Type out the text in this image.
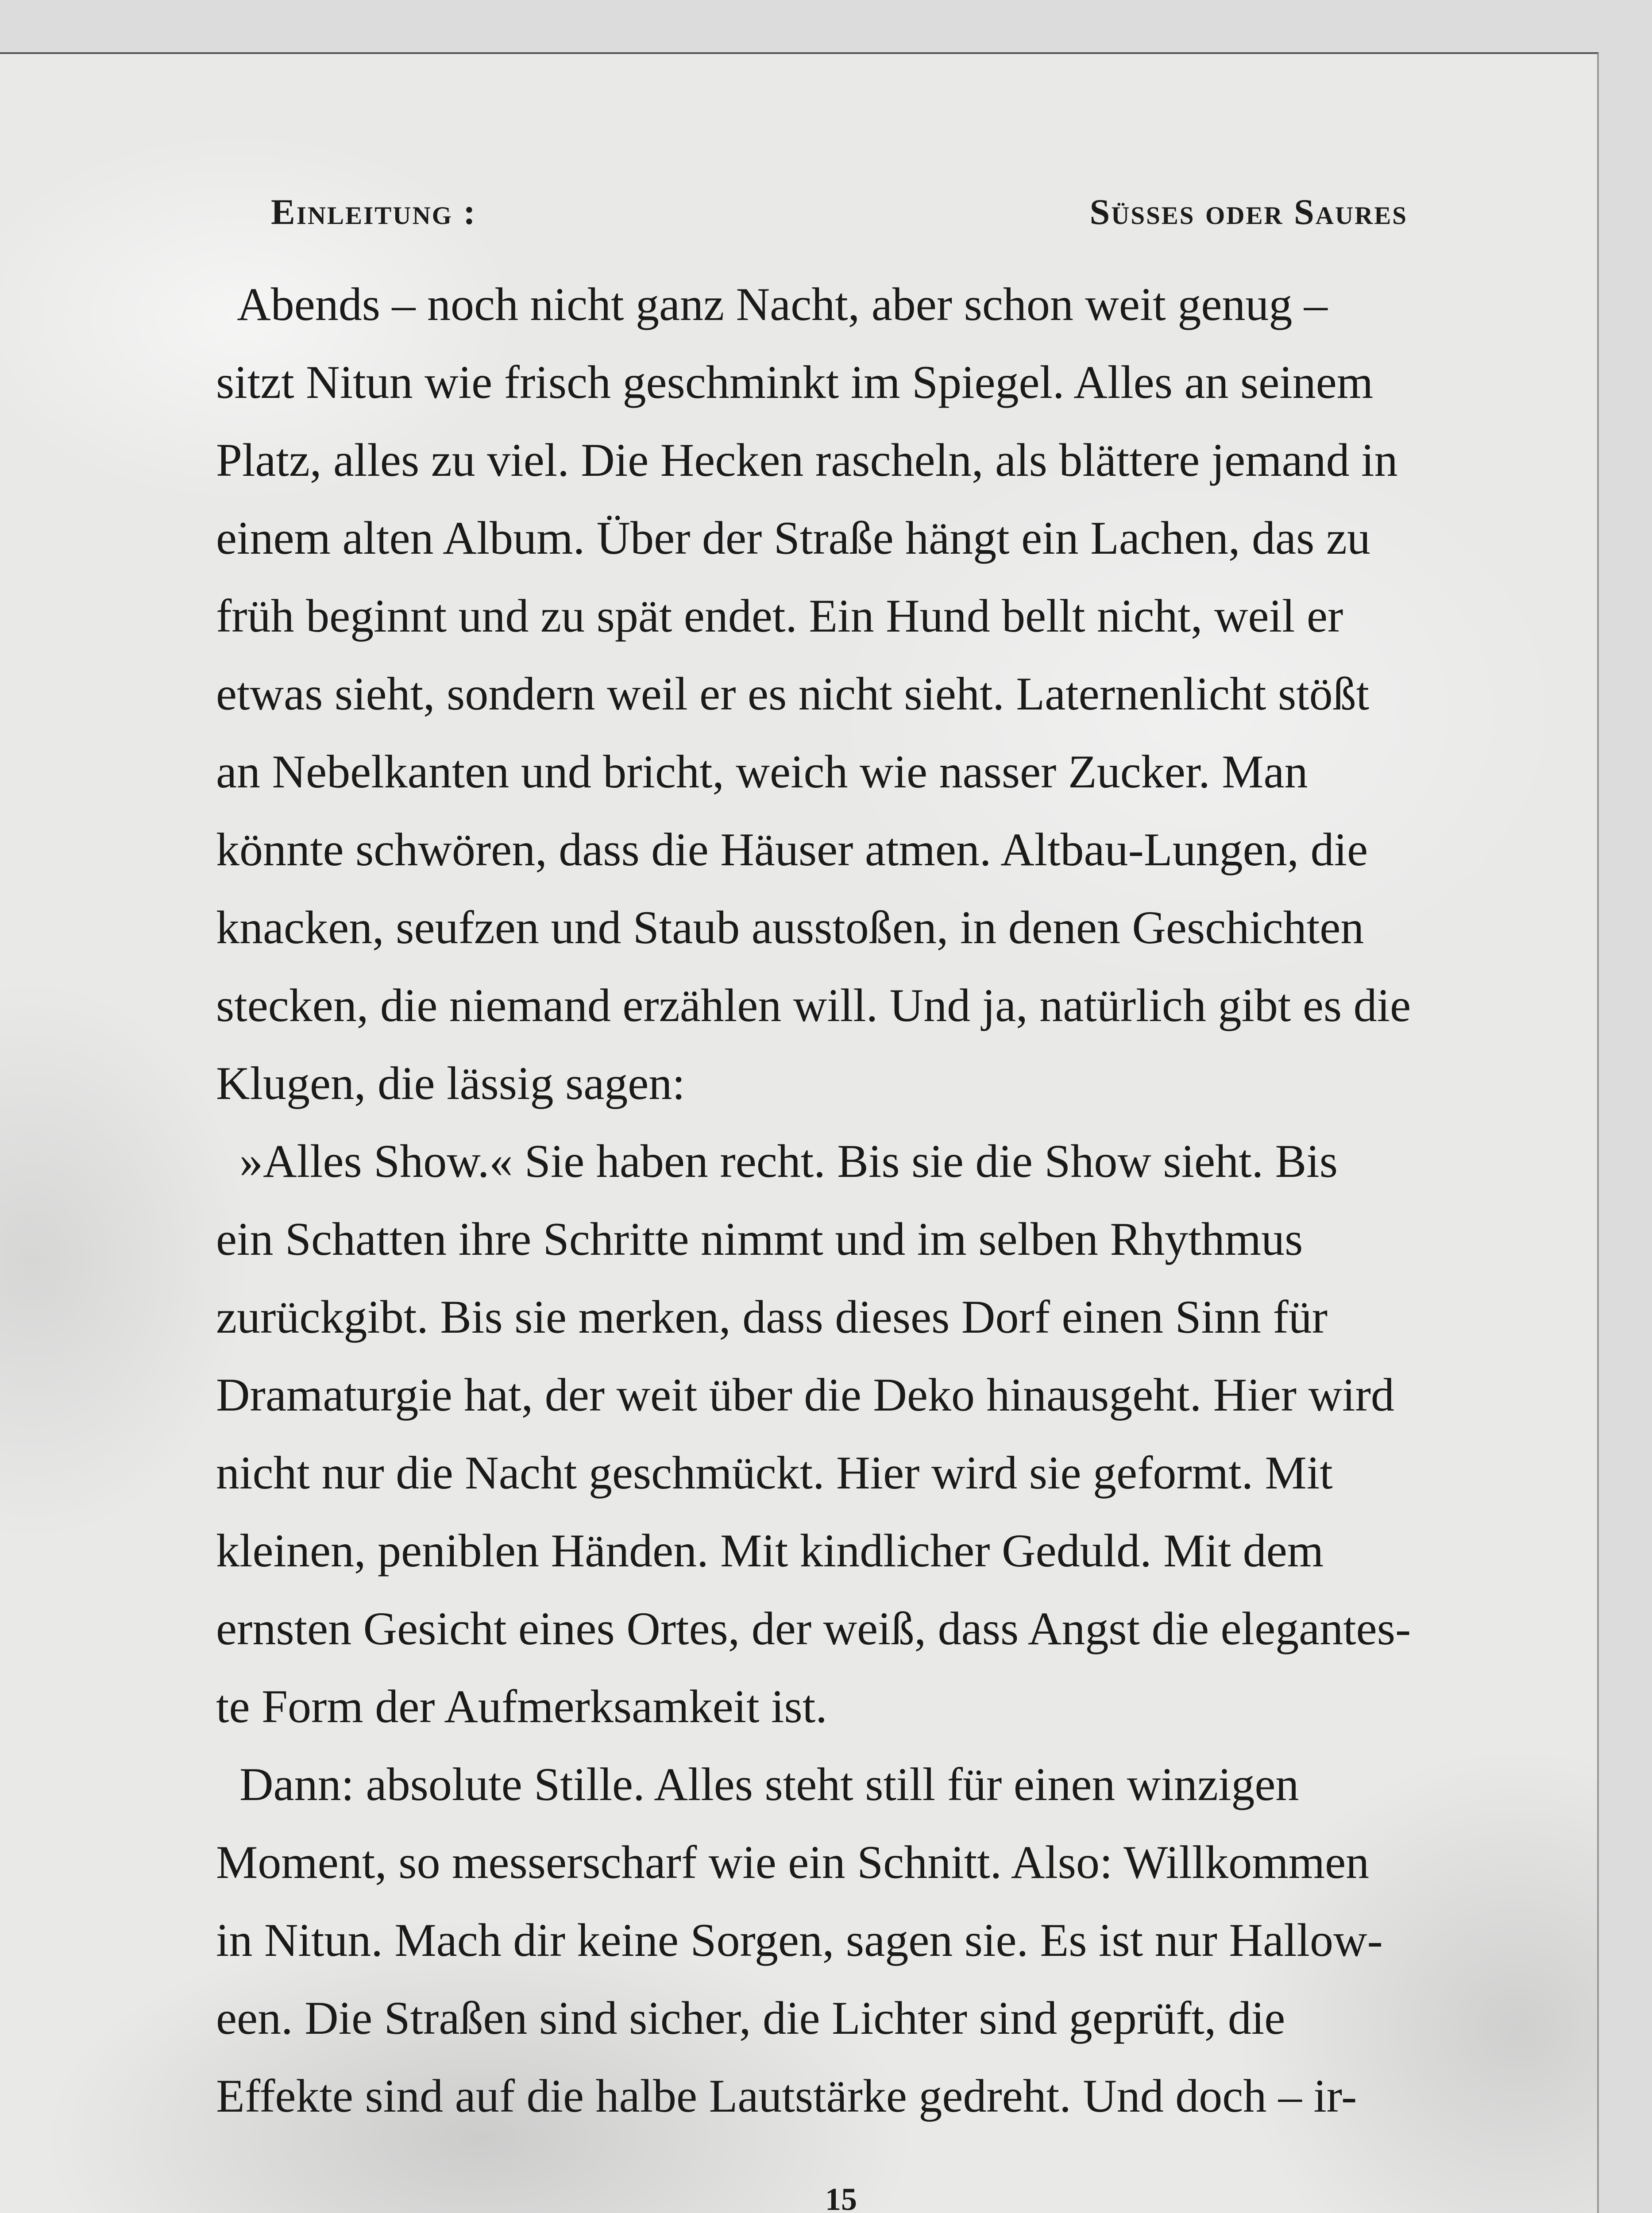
Einleitung :	Süsses oder Saures
Abends – noch nicht ganz Nacht, aber schon weit genug –
sitzt Nitun wie frisch geschminkt im Spiegel. Alles an seinem
Platz, alles zu viel. Die Hecken rascheln, als blättere jemand in
einem alten Album. Über der Straße hängt ein Lachen, das zu
früh beginnt und zu spät endet. Ein Hund bellt nicht, weil er
etwas sieht, sondern weil er es nicht sieht. Laternenlicht stößt
an Nebelkanten und bricht, weich wie nasser Zucker. Man
könnte schwören, dass die Häuser atmen. Altbau-Lungen, die
knacken, seufzen und Staub ausstoßen, in denen Geschichten
stecken, die niemand erzählen will. Und ja, natürlich gibt es die
Klugen, die lässig sagen:
»Alles Show.« Sie haben recht. Bis sie die Show sieht. Bis
ein Schatten ihre Schritte nimmt und im selben Rhythmus
zurückgibt. Bis sie merken, dass dieses Dorf einen Sinn für
Dramaturgie hat, der weit über die Deko hinausgeht. Hier wird
nicht nur die Nacht geschmückt. Hier wird sie geformt. Mit
kleinen, peniblen Händen. Mit kindlicher Geduld. Mit dem
ernsten Gesicht eines Ortes, der weiß, dass Angst die elegantes-
te Form der Aufmerksamkeit ist.
Dann: absolute Stille. Alles steht still für einen winzigen
Moment, so messerscharf wie ein Schnitt. Also: Willkommen
in Nitun. Mach dir keine Sorgen, sagen sie. Es ist nur Hallow-
een. Die Straßen sind sicher, die Lichter sind geprüft, die
Effekte sind auf die halbe Lautstärke gedreht. Und doch – ir-
15
